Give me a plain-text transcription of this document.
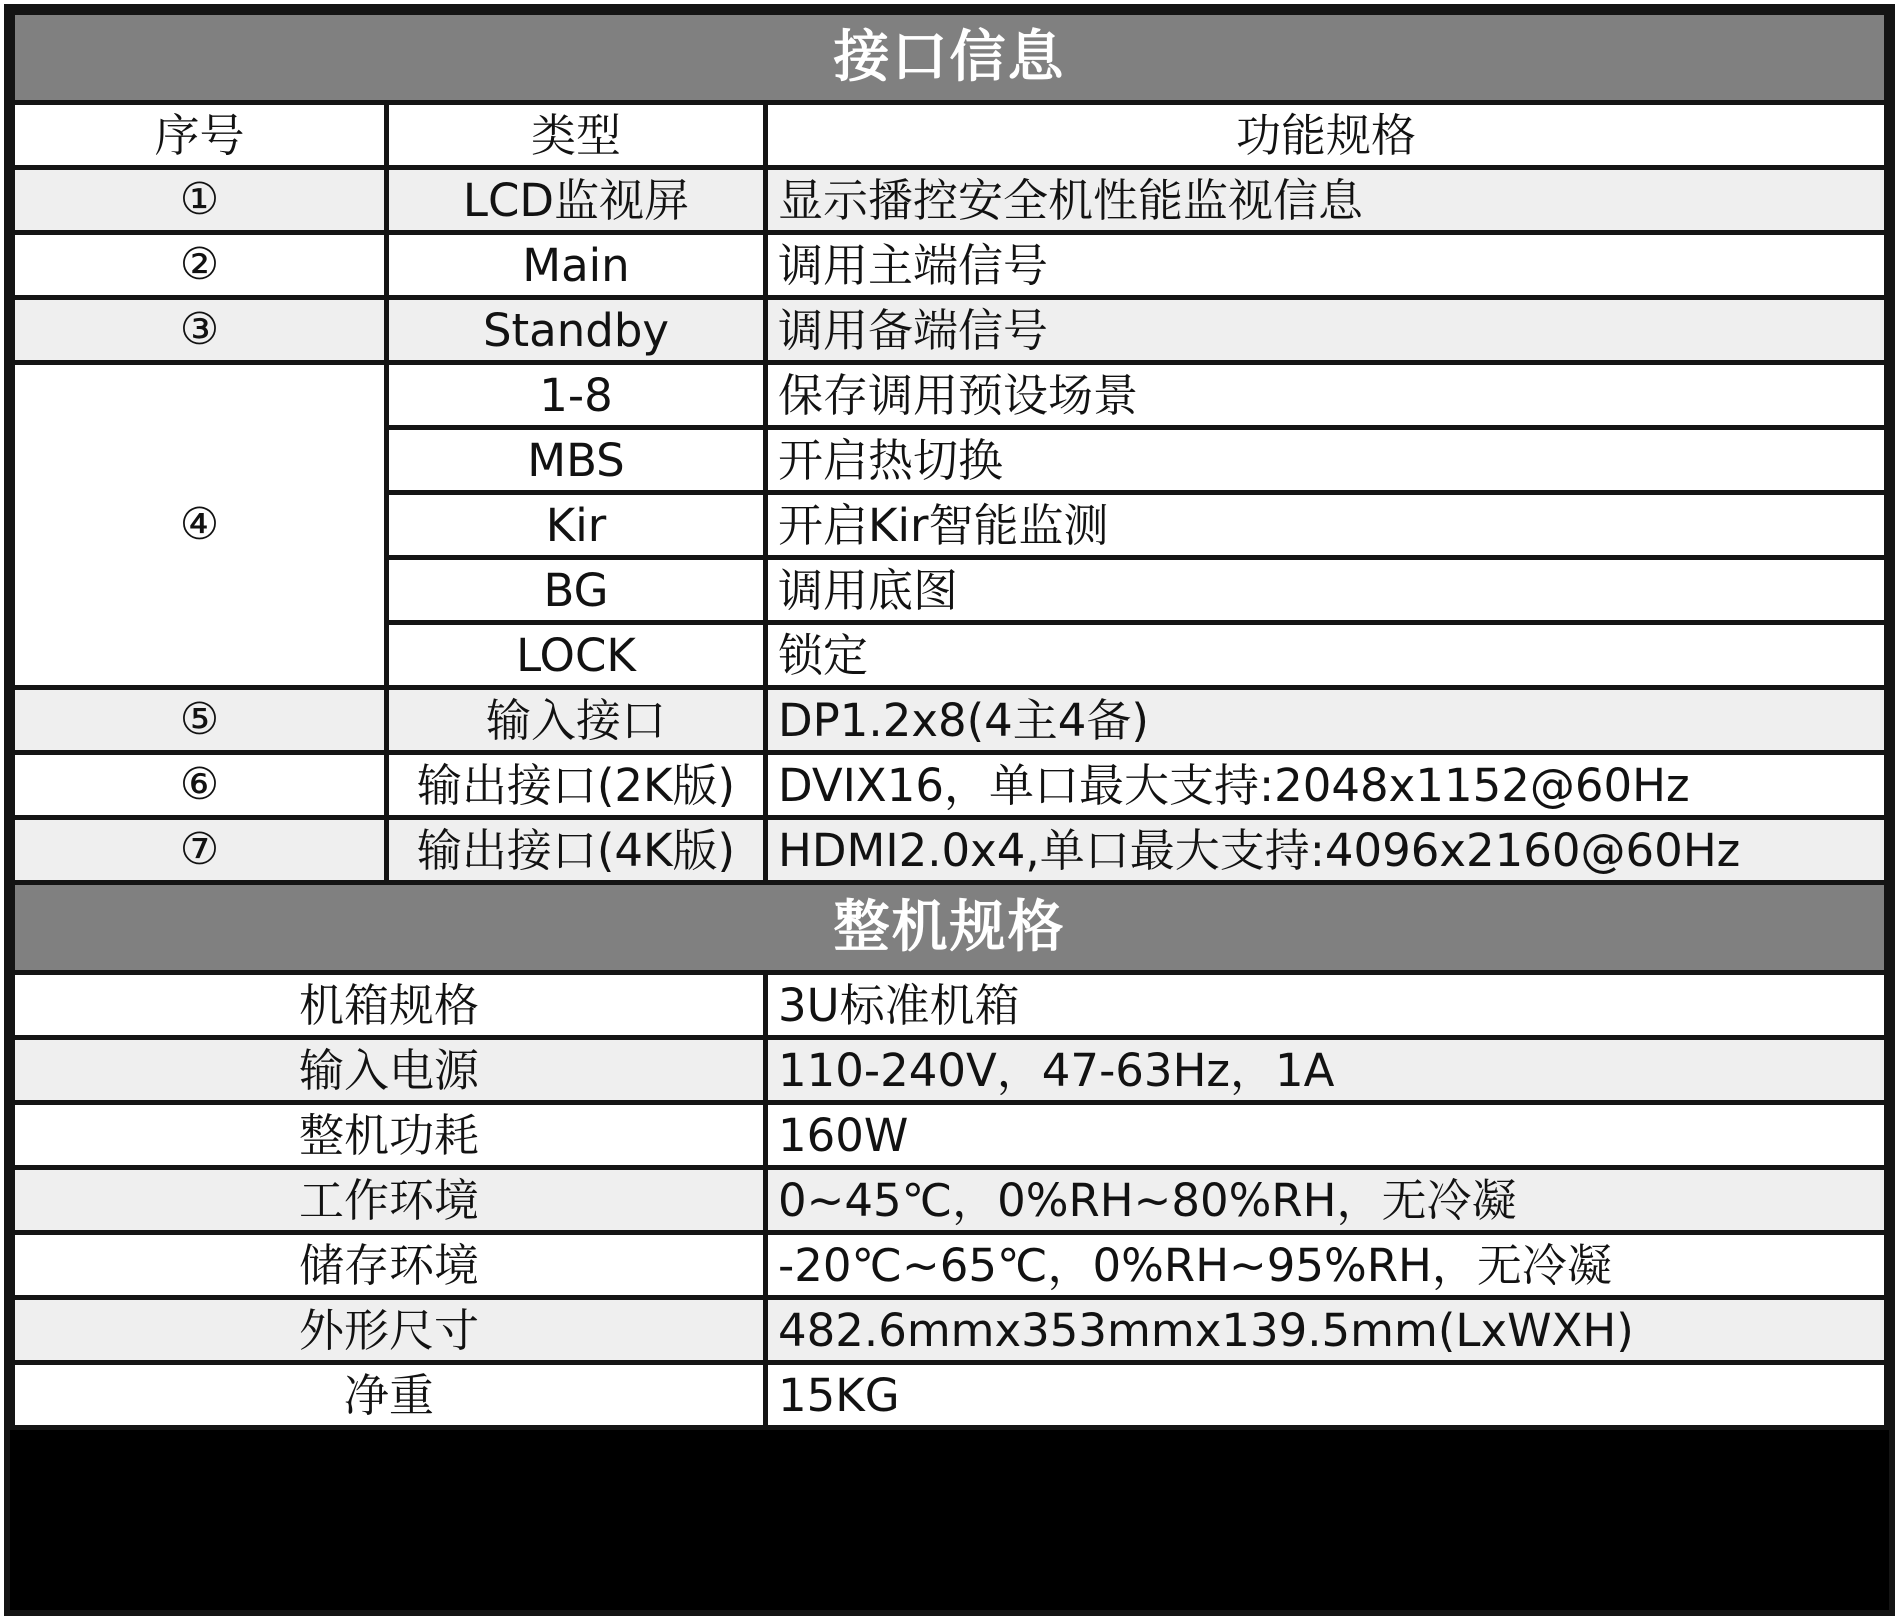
接口信息		
序号	类型	功能规格
①	LCD监视屏	显示播控安全机性能监视信息
②	Main	调用主端信号
③	Standby	调用备端信号
④	1-8	保存调用预设场景
	MBS	开启热切换
	Kir	开启Kir智能监测
	BG	调用底图
	LOCK	锁定
⑤	输入接口	DP1.2x8(4主4备)
⑥	输出接口(2K版)	DVIX16，单口最大支持:2048x1152@60Hz
⑦	输出接口(4K版)	HDMI2.0x4,单口最大支持:4096x2160@60Hz
整机规格		
机箱规格		3U标准机箱
输入电源		110-240V，47-63Hz，1A
整机功耗		160W
工作环境		0~45℃，0%RH~80%RH，无冷凝
储存环境		-20℃~65℃，0%RH~95%RH，无冷凝
外形尺寸		482.6mmx353mmx139.5mm(LxWXH)
净重		15KG
